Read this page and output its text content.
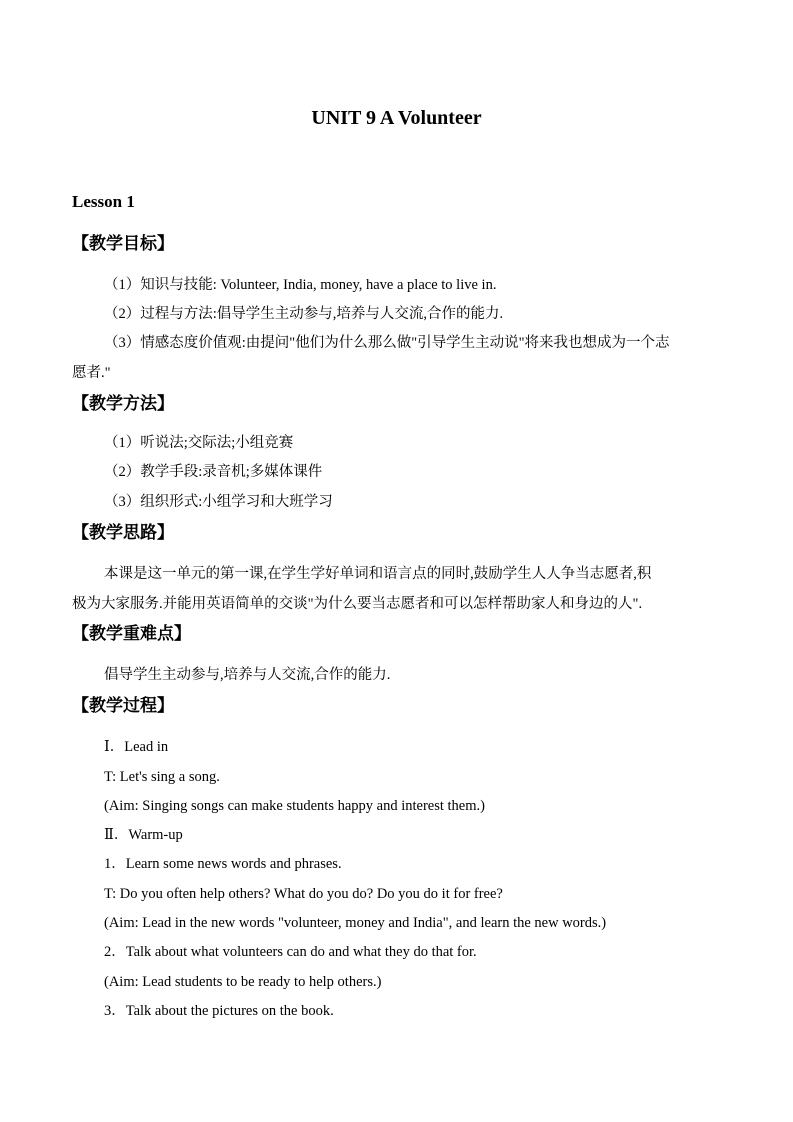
UNIT 9 A Volunteer
Lesson 1
【教学目标】
（1）知识与技能: Volunteer, India, money, have a place to live in.
（2）过程与方法:倡导学生主动参与,培养与人交流,合作的能力.
（3）情感态度价值观:由提问"他们为什么那么做"引导学生主动说"将来我也想成为一个志
愿者."
【教学方法】
（1）听说法;交际法;小组竞赛
（2）教学手段:录音机;多媒体课件
（3）组织形式:小组学习和大班学习
【教学思路】
本课是这一单元的第一课,在学生学好单词和语言点的同时,鼓励学生人人争当志愿者,积
极为大家服务.并能用英语简单的交谈"为什么要当志愿者和可以怎样帮助家人和身边的人".
【教学重难点】
倡导学生主动参与,培养与人交流,合作的能力.
【教学过程】
Ⅰ．Lead in
T: Let's sing a song.
(Aim: Singing songs can make students happy and interest them.)
Ⅱ．Warm-up
1．Learn some news words and phrases.
T: Do you often help others? What do you do? Do you do it for free?
(Aim: Lead in the new words "volunteer, money and India", and learn the new words.)
2．Talk about what volunteers can do and what they do that for.
(Aim: Lead students to be ready to help others.)
3．Talk about the pictures on the book.
